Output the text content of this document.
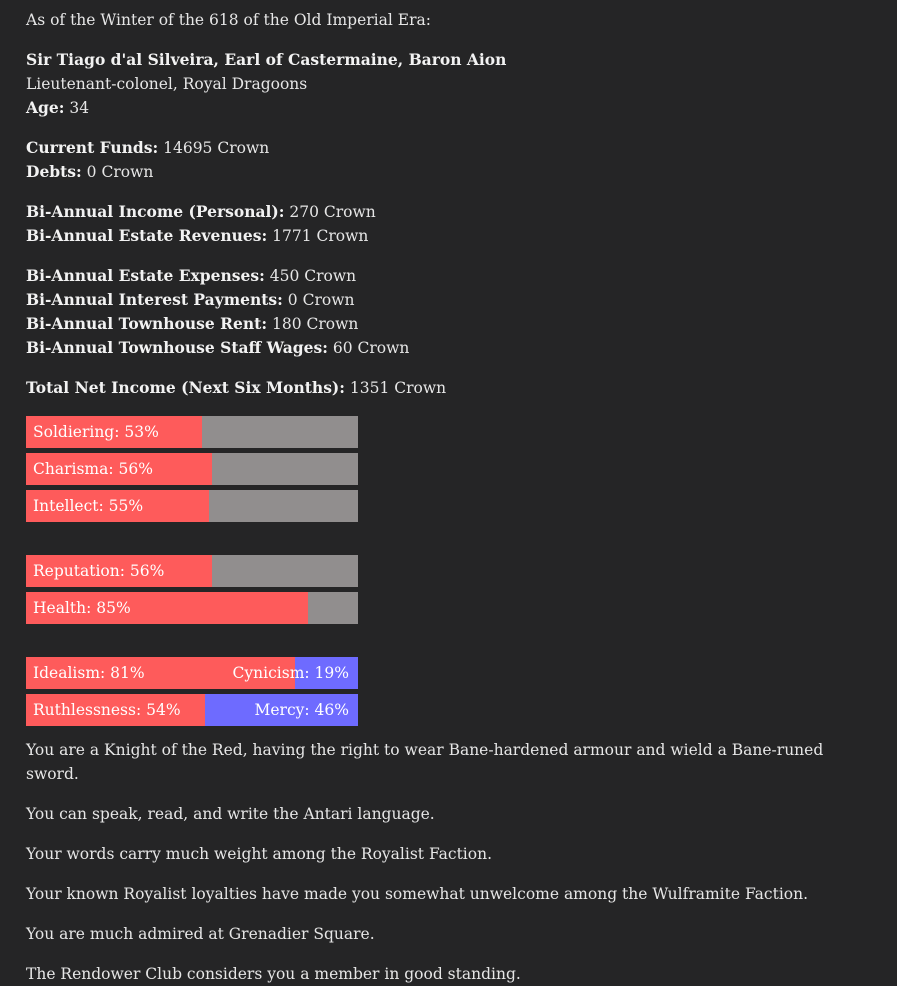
As of the Winter of the 618 of the Old Imperial Era:

Sir Tiago d'al Silveira, Earl of Castermaine, Baron Aion

Lieutenant-colonel, Royal Dragoons

Age: 34

Current Funds: 14695 Crown

Debts: 0 Crown

Bi-Annual Income (Personal): 270 Crown

Bi-Annual Estate Revenues: 1771 Crown

Bi-Annual Estate Expenses: 450 Crown

Bi-Annual Interest Payments: 0 Crown

Bi-Annual Townhouse Rent: 180 Crown

Bi-Annual Townhouse Staff Wages: 60 Crown

Total Net Income (Next Six Months): 1351 Crown

Soldiering: 53%
Charisma: 56%
Intellect: 55%
Reputation: 56%
Health: 85%
Idealism: 81%	Cynicism: 19%
Ruthlessness: 54%	Mercy: 46%

You are a Knight of the Red, having the right to wear Bane-hardened armour and wield a Bane-runed sword.

You can speak, read, and write the Antari language.

Your words carry much weight among the Royalist Faction.

Your known Royalist loyalties have made you somewhat unwelcome among the Wulframite Faction.

You are much admired at Grenadier Square.

The Rendower Club considers you a member in good standing.
